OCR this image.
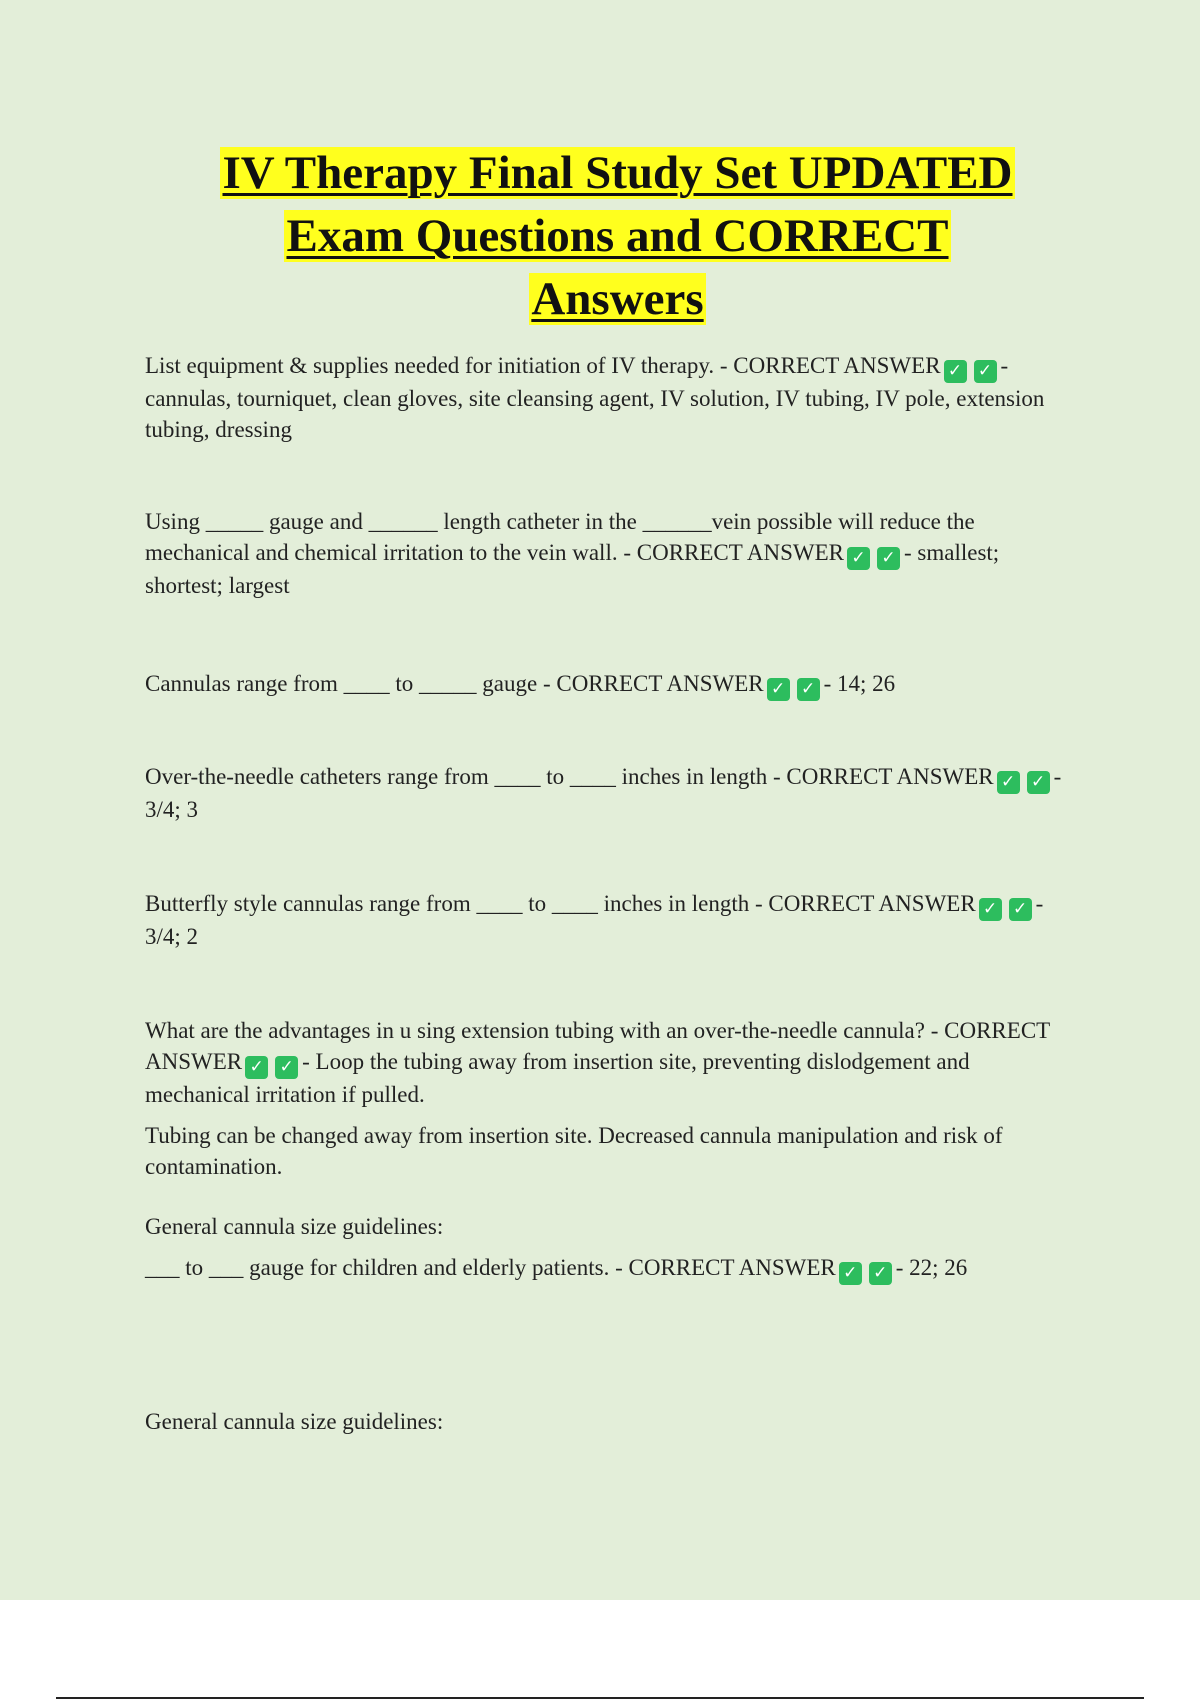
IV Therapy Final Study Set UPDATED
Exam Questions and CORRECT
Answers

List equipment & supplies needed for initiation of IV therapy. - CORRECT ANSWER ✓ ✓ - cannulas, tourniquet, clean gloves, site cleansing agent, IV solution, IV tubing, IV pole, extension tubing, dressing

Using _____ gauge and ______ length catheter in the ______vein possible will reduce the mechanical and chemical irritation to the vein wall. - CORRECT ANSWER ✓ ✓ - smallest; shortest; largest

Cannulas range from ____ to _____ gauge - CORRECT ANSWER ✓ ✓ - 14; 26

Over-the-needle catheters range from ____ to ____ inches in length - CORRECT ANSWER ✓ ✓ - 3/4; 3

Butterfly style cannulas range from ____ to ____ inches in length - CORRECT ANSWER ✓ ✓ - 3/4; 2

What are the advantages in u sing extension tubing with an over-the-needle cannula? - CORRECT ANSWER ✓ ✓ - Loop the tubing away from insertion site, preventing dislodgement and mechanical irritation if pulled.

Tubing can be changed away from insertion site. Decreased cannula manipulation and risk of contamination.

General cannula size guidelines:

___ to ___ gauge for children and elderly patients. - CORRECT ANSWER ✓ ✓ - 22; 26

General cannula size guidelines:
